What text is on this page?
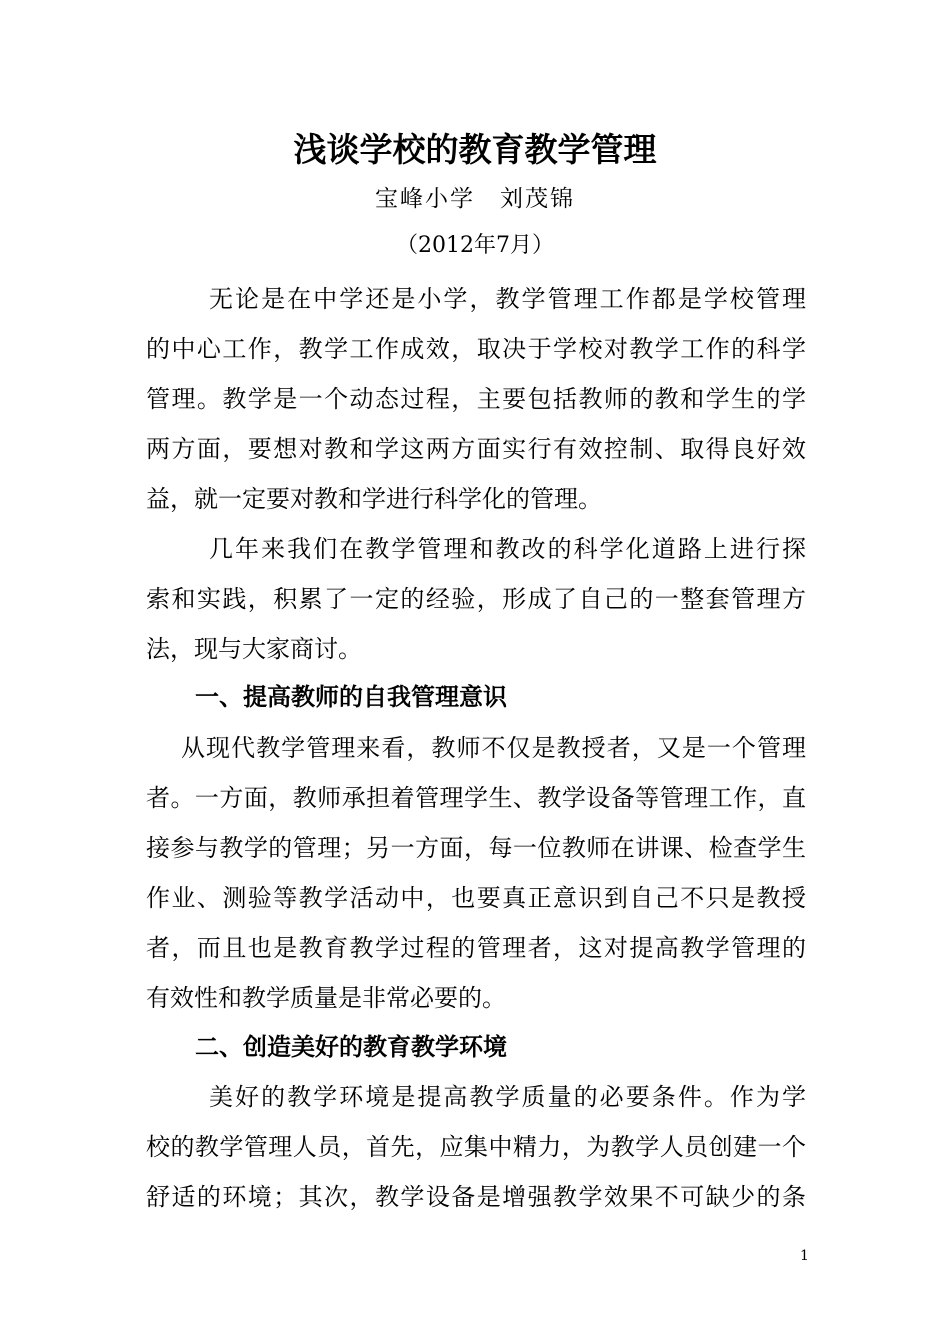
浅谈学校的教育教学管理
宝峰小学　刘茂锦
（2012年7月）
无论是在中学还是小学，教学管理工作都是学校管理
的中心工作，教学工作成效，取决于学校对教学工作的科学
管理。教学是一个动态过程，主要包括教师的教和学生的学
两方面，要想对教和学这两方面实行有效控制、取得良好效
益，就一定要对教和学进行科学化的管理。
几年来我们在教学管理和教改的科学化道路上进行探
索和实践，积累了一定的经验，形成了自己的一整套管理方
法，现与大家商讨。
一、提高教师的自我管理意识
从现代教学管理来看，教师不仅是教授者，又是一个管理
者。一方面，教师承担着管理学生、教学设备等管理工作，直
接参与教学的管理；另一方面，每一位教师在讲课、检查学生
作业、测验等教学活动中，也要真正意识到自己不只是教授
者，而且也是教育教学过程的管理者，这对提高教学管理的
有效性和教学质量是非常必要的。
二、创造美好的教育教学环境
美好的教学环境是提高教学质量的必要条件。作为学
校的教学管理人员，首先，应集中精力，为教学人员创建一个
舒适的环境；其次，教学设备是增强教学效果不可缺少的条
1
